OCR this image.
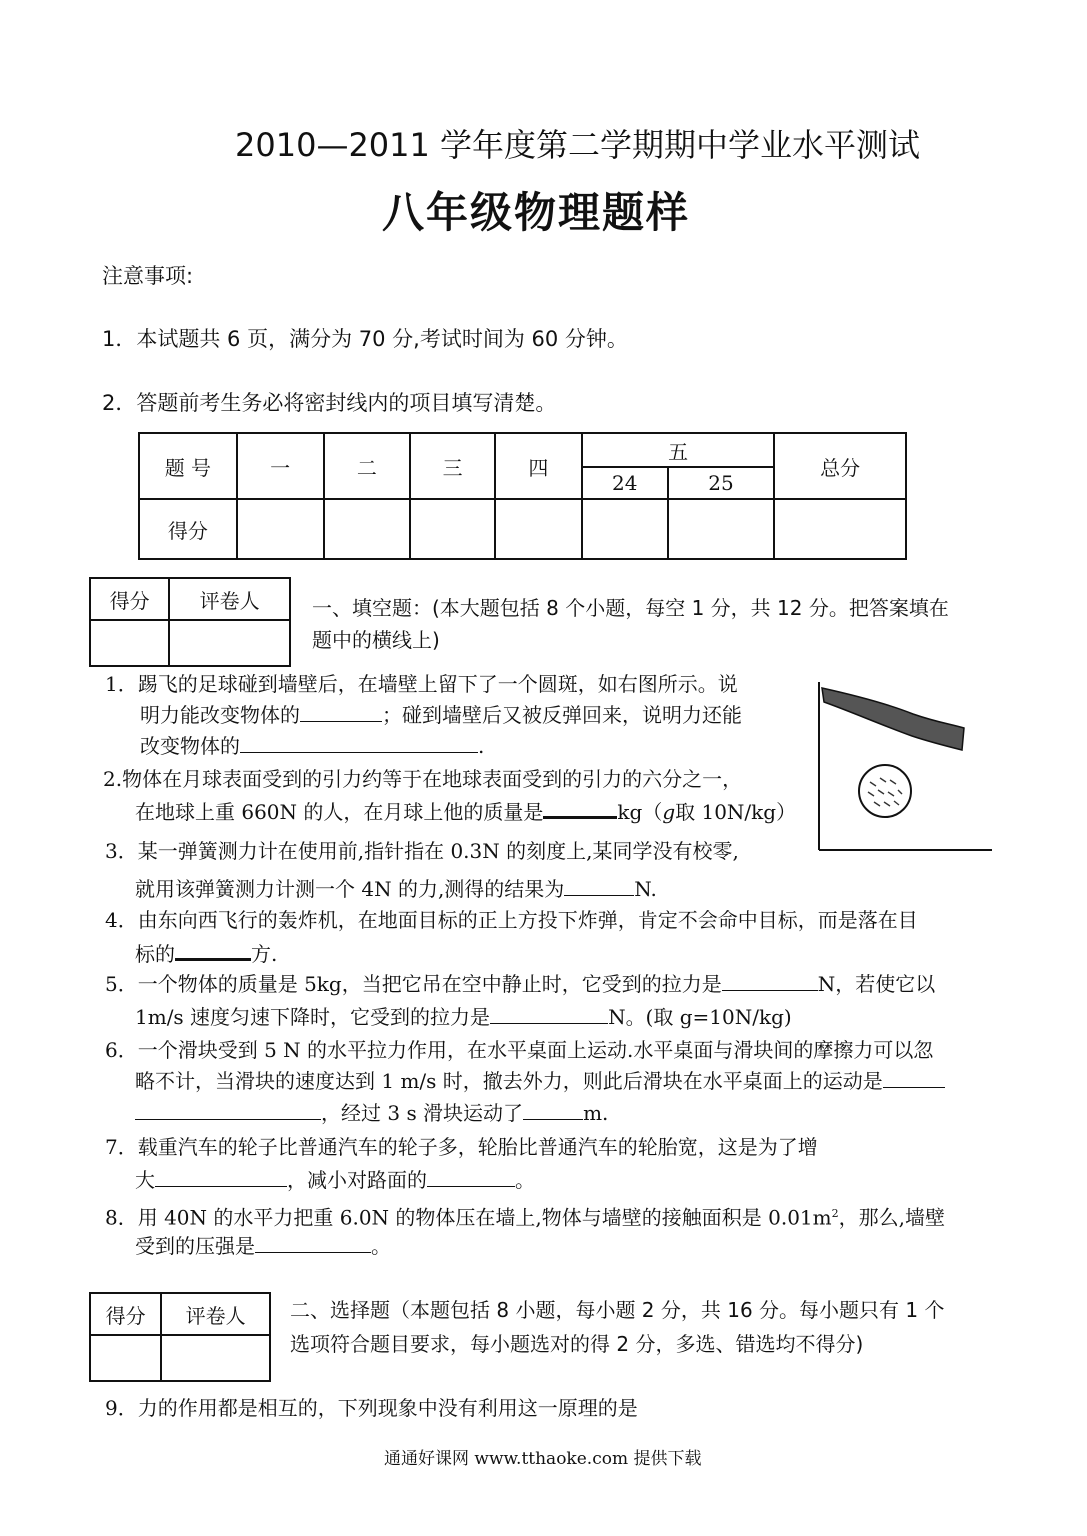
2010—2011 学年度第二学期期中学业水平测试
八年级物理题样
注意事项:
1．本试题共 6 页，满分为 70 分,考试时间为 60 分钟。
2．答题前考生务必将密封线内的项目填写清楚。
题 号	一	二	三	四	五		总分
					24	25	
得分							
得分	评卷人
		一、填空题：(本大题包括 8 个小题，每空 1 分，共 12 分。把答案填在
题中的横线上)
1．踢飞的足球碰到墙壁后，在墙壁上留下了一个圆斑，如右图所示。说
明力能改变物体的	；碰到墙壁后又被反弹回来，说明力还能
改变物体的	.
2.物体在月球表面受到的引力约等于在地球表面受到的引力的六分之一，
在地球上重 660N 的人，在月球上他的质量是	kg（g取 10N/kg）
3．某一弹簧测力计在使用前,指针指在 0.3N 的刻度上,某同学没有校零,
就用该弹簧测力计测一个 4N 的力,测得的结果为	N.
4．由东向西飞行的轰炸机，在地面目标的正上方投下炸弹，肯定不会命中目标，而是落在目
标的	方.
5．一个物体的质量是 5kg，当把它吊在空中静止时，它受到的拉力是	N，若使它以
1m/s 速度匀速下降时，它受到的拉力是	N。(取 g=10N/kg)
6．一个滑块受到 5 N 的水平拉力作用，在水平桌面上运动.水平桌面与滑块间的摩擦力可以忽
略不计，当滑块的速度达到 1 m/s 时，撤去外力，则此后滑块在水平桌面上的运动是
，经过 3 s 滑块运动了	m.
7．载重汽车的轮子比普通汽车的轮子多，轮胎比普通汽车的轮胎宽，这是为了增
大	，减小对路面的	。
8．用 40N 的水平力把重 6.0N 的物体压在墙上,物体与墙壁的接触面积是 $0.01m^2$，那么,墙壁
受到的压强是	。
得分	评卷人
	二、选择题（本题包括 8 小题，每小题 2 分，共 16 分。每小题只有 1 个
选项符合题目要求，每小题选对的得 2 分，多选、错选均不得分)
9．力的作用都是相互的，下列现象中没有利用这一原理的是
通通好课网 www.tthaoke.com 提供下载
